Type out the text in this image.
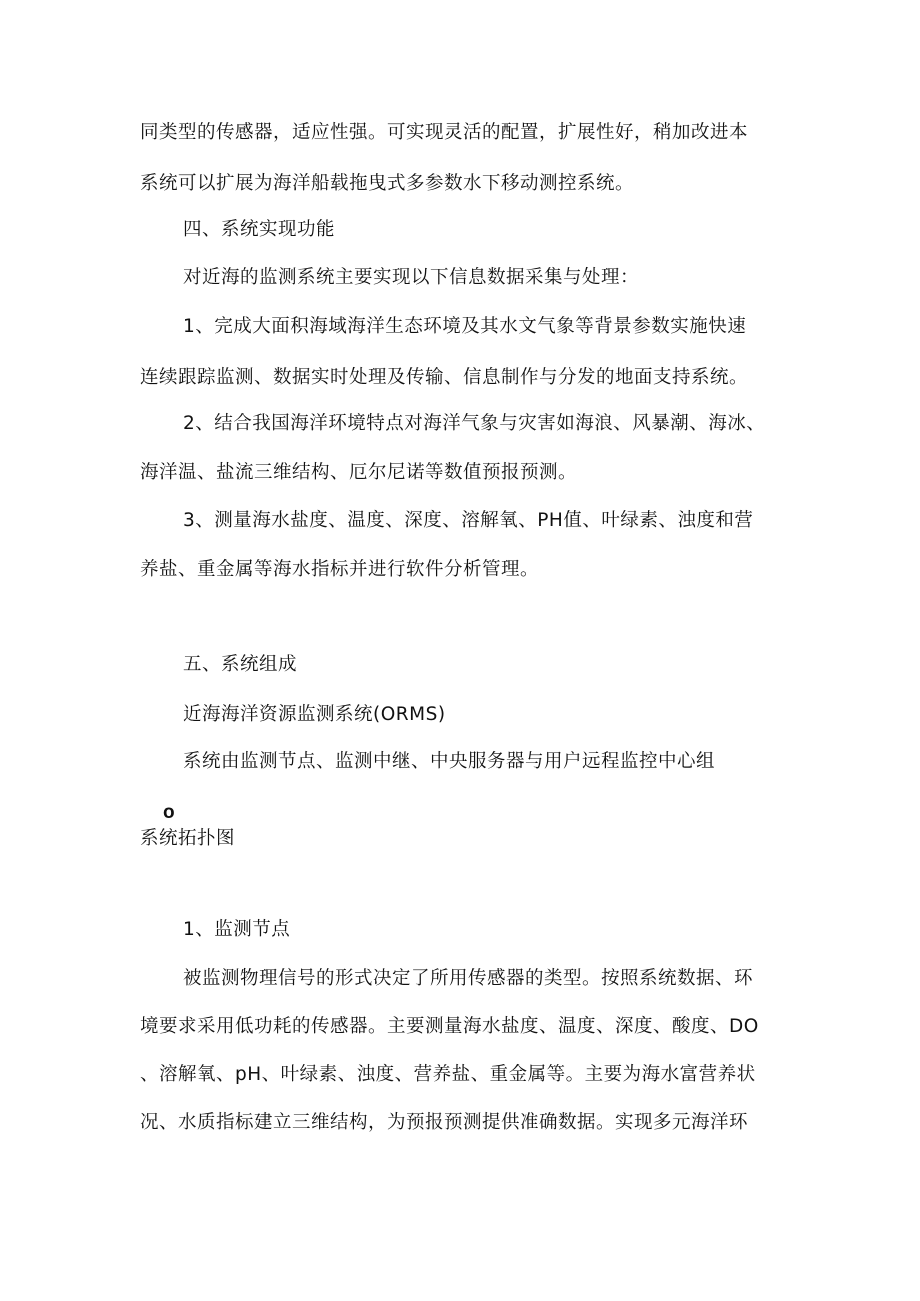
同类型的传感器，适应性强。可实现灵活的配置，扩展性好，稍加改进本
系统可以扩展为海洋船载拖曳式多参数水下移动测控系统。
四、系统实现功能
对近海的监测系统主要实现以下信息数据采集与处理：
1、完成大面积海域海洋生态环境及其水文气象等背景参数实施快速
连续跟踪监测、数据实时处理及传输、信息制作与分发的地面支持系统。
2、结合我国海洋环境特点对海洋气象与灾害如海浪、风暴潮、海冰、
海洋温、盐流三维结构、厄尔尼诺等数值预报预测。
3、测量海水盐度、温度、深度、溶解氧、PH值、叶绿素、浊度和营
养盐、重金属等海水指标并进行软件分析管理。
五、系统组成
近海海洋资源监测系统(ORMS)
系统由监测节点、监测中继、中央服务器与用户远程监控中心组
o
系统拓扑图
1、监测节点
被监测物理信号的形式决定了所用传感器的类型。按照系统数据、环
境要求采用低功耗的传感器。主要测量海水盐度、温度、深度、酸度、DO
、溶解氧、pH、叶绿素、浊度、营养盐、重金属等。主要为海水富营养状
况、水质指标建立三维结构，为预报预测提供准确数据。实现多元海洋环
